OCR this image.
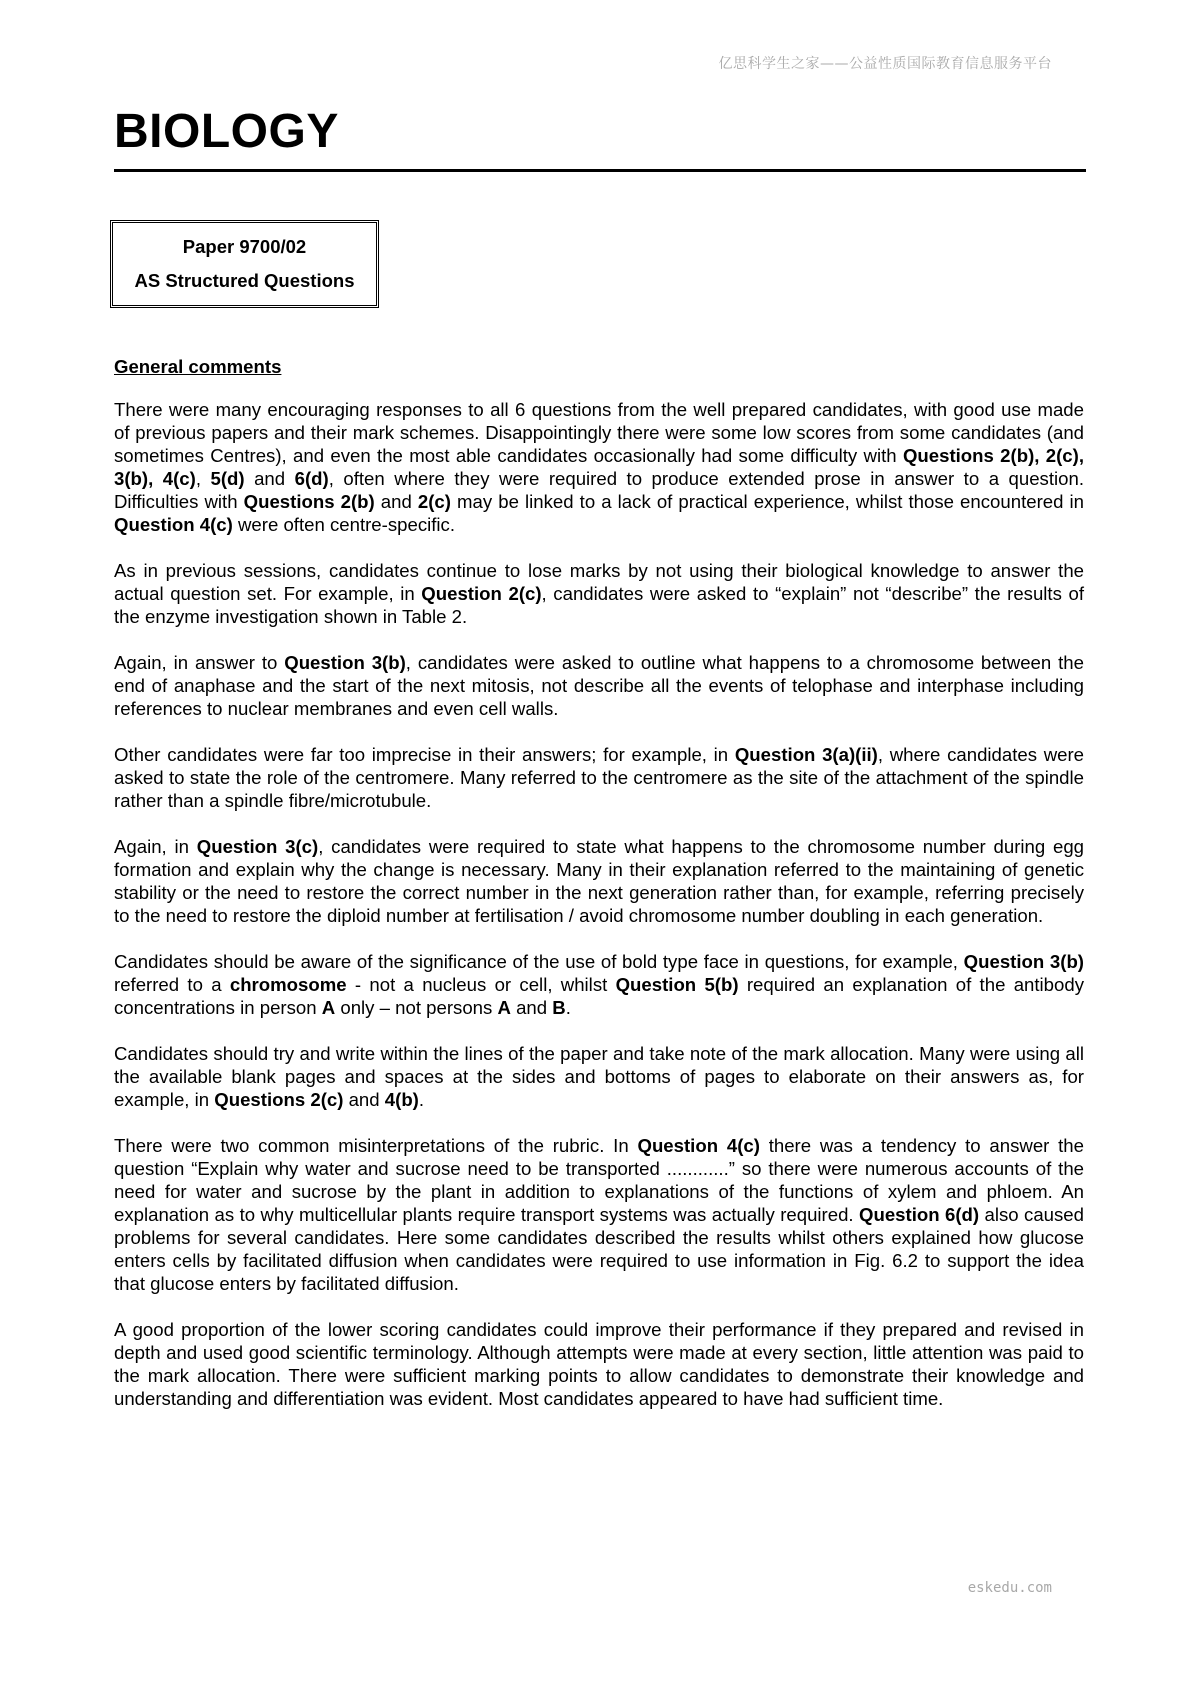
亿思科学生之家——公益性质国际教育信息服务平台
BIOLOGY
Paper 9700/02
AS Structured Questions
General comments

There were many encouraging responses to all 6 questions from the well prepared candidates, with good use made of previous papers and their mark schemes. Disappointingly there were some low scores from some candidates (and sometimes Centres), and even the most able candidates occasionally had some difficulty with Questions 2(b), 2(c), 3(b), 4(c), 5(d) and 6(d), often where they were required to produce extended prose in answer to a question. Difficulties with Questions 2(b) and 2(c) may be linked to a lack of practical experience, whilst those encountered in Question 4(c) were often centre-specific.

As in previous sessions, candidates continue to lose marks by not using their biological knowledge to answer the actual question set. For example, in Question 2(c), candidates were asked to “explain” not “describe” the results of the enzyme investigation shown in Table 2.

Again, in answer to Question 3(b), candidates were asked to outline what happens to a chromosome between the end of anaphase and the start of the next mitosis, not describe all the events of telophase and interphase including references to nuclear membranes and even cell walls.

Other candidates were far too imprecise in their answers; for example, in Question 3(a)(ii), where candidates were asked to state the role of the centromere. Many referred to the centromere as the site of the attachment of the spindle rather than a spindle fibre/microtubule.

Again, in Question 3(c), candidates were required to state what happens to the chromosome number during egg formation and explain why the change is necessary. Many in their explanation referred to the maintaining of genetic stability or the need to restore the correct number in the next generation rather than, for example, referring precisely to the need to restore the diploid number at fertilisation / avoid chromosome number doubling in each generation.

Candidates should be aware of the significance of the use of bold type face in questions, for example, Question 3(b) referred to a chromosome - not a nucleus or cell, whilst Question 5(b) required an explanation of the antibody concentrations in person A only – not persons A and B.

Candidates should try and write within the lines of the paper and take note of the mark allocation. Many were using all the available blank pages and spaces at the sides and bottoms of pages to elaborate on their answers as, for example, in Questions 2(c) and 4(b).

There were two common misinterpretations of the rubric. In Question 4(c) there was a tendency to answer the question “Explain why water and sucrose need to be transported ............” so there were numerous accounts of the need for water and sucrose by the plant in addition to explanations of the functions of xylem and phloem. An explanation as to why multicellular plants require transport systems was actually required. Question 6(d) also caused problems for several candidates. Here some candidates described the results whilst others explained how glucose enters cells by facilitated diffusion when candidates were required to use information in Fig. 6.2 to support the idea that glucose enters by facilitated diffusion.

A good proportion of the lower scoring candidates could improve their performance if they prepared and revised in depth and used good scientific terminology. Although attempts were made at every section, little attention was paid to the mark allocation. There were sufficient marking points to allow candidates to demonstrate their knowledge and understanding and differentiation was evident. Most candidates appeared to have had sufficient time.

eskedu.com
